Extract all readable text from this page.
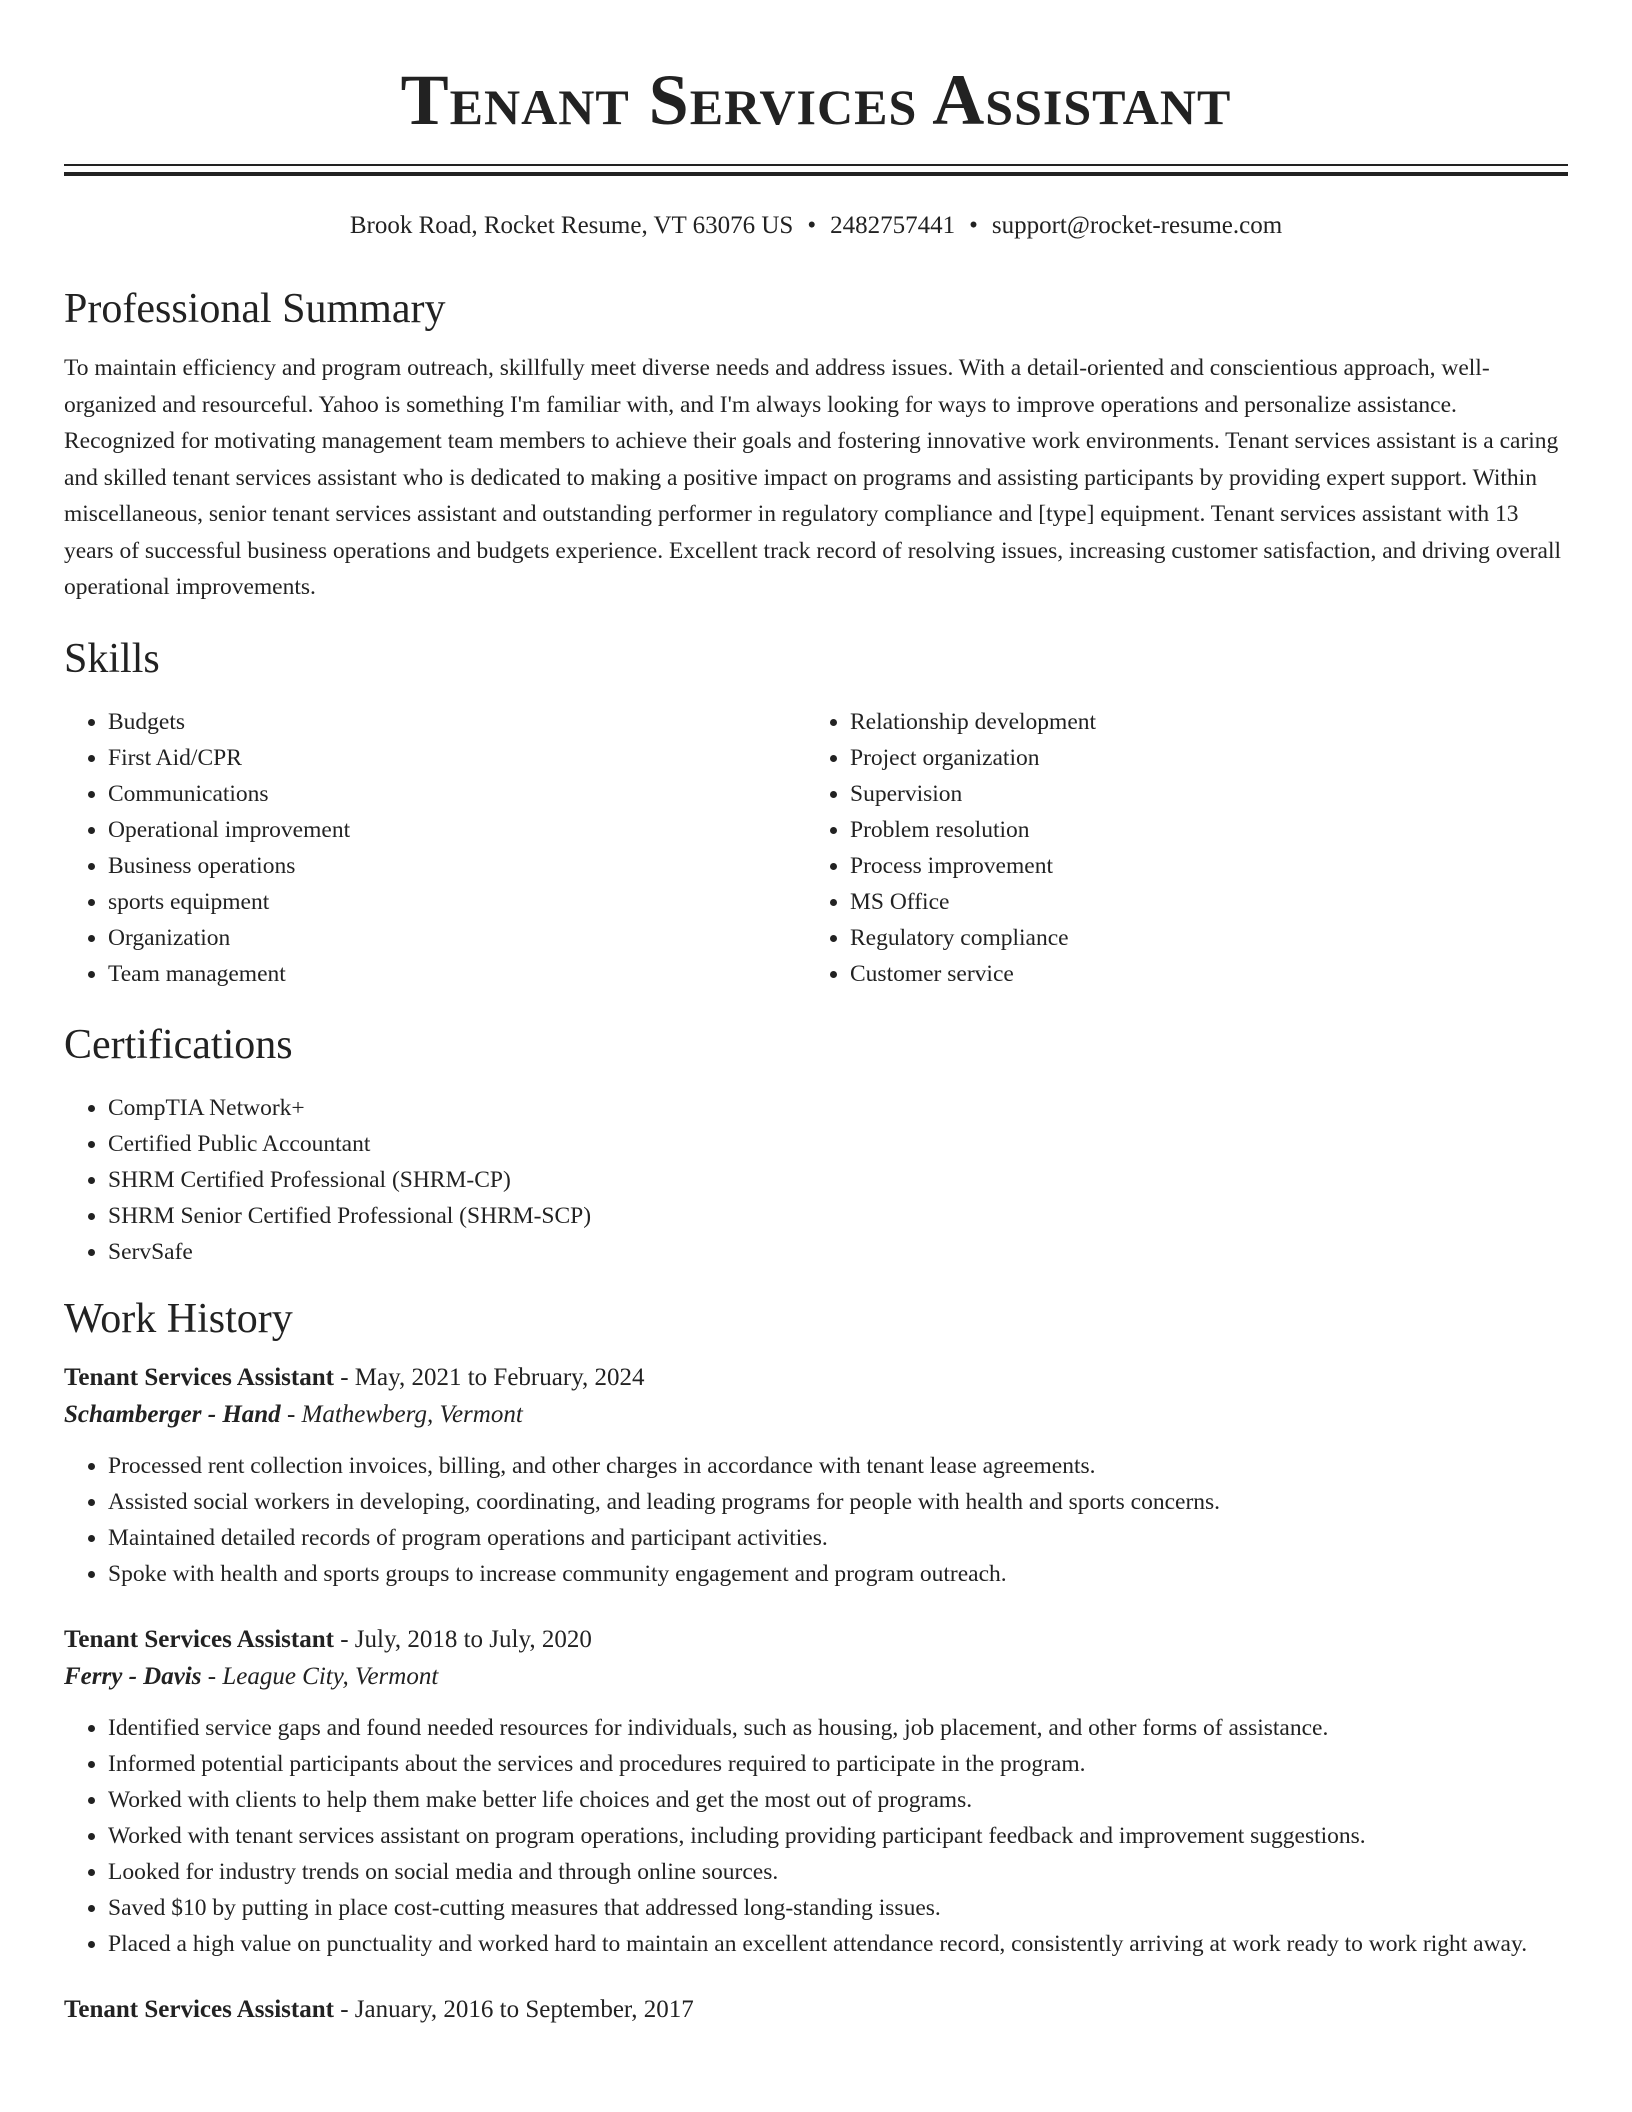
Tenant Services Assistant
Brook Road, Rocket Resume, VT 63076 US • 2482757441 • support@rocket-resume.com
Professional Summary
To maintain efficiency and program outreach, skillfully meet diverse needs and address issues. With a detail-oriented and conscientious approach, well-organized and resourceful. Yahoo is something I'm familiar with, and I'm always looking for ways to improve operations and personalize assistance. Recognized for motivating management team members to achieve their goals and fostering innovative work environments. Tenant services assistant is a caring and skilled tenant services assistant who is dedicated to making a positive impact on programs and assisting participants by providing expert support. Within miscellaneous, senior tenant services assistant and outstanding performer in regulatory compliance and [type] equipment. Tenant services assistant with 13 years of successful business operations and budgets experience. Excellent track record of resolving issues, increasing customer satisfaction, and driving overall operational improvements.
Skills
• Budgets
• First Aid/CPR
• Communications
• Operational improvement
• Business operations
• sports equipment
• Organization
• Team management
• Relationship development
• Project organization
• Supervision
• Problem resolution
• Process improvement
• MS Office
• Regulatory compliance
• Customer service
Certifications
• CompTIA Network+
• Certified Public Accountant
• SHRM Certified Professional (SHRM-CP)
• SHRM Senior Certified Professional (SHRM-SCP)
• ServSafe
Work History
Tenant Services Assistant - May, 2021 to February, 2024
Schamberger - Hand - Mathewberg, Vermont
• Processed rent collection invoices, billing, and other charges in accordance with tenant lease agreements.
• Assisted social workers in developing, coordinating, and leading programs for people with health and sports concerns.
• Maintained detailed records of program operations and participant activities.
• Spoke with health and sports groups to increase community engagement and program outreach.
Tenant Services Assistant - July, 2018 to July, 2020
Ferry - Davis - League City, Vermont
• Identified service gaps and found needed resources for individuals, such as housing, job placement, and other forms of assistance.
• Informed potential participants about the services and procedures required to participate in the program.
• Worked with clients to help them make better life choices and get the most out of programs.
• Worked with tenant services assistant on program operations, including providing participant feedback and improvement suggestions.
• Looked for industry trends on social media and through online sources.
• Saved $10 by putting in place cost-cutting measures that addressed long-standing issues.
• Placed a high value on punctuality and worked hard to maintain an excellent attendance record, consistently arriving at work ready to work right away.
Tenant Services Assistant - January, 2016 to September, 2017
